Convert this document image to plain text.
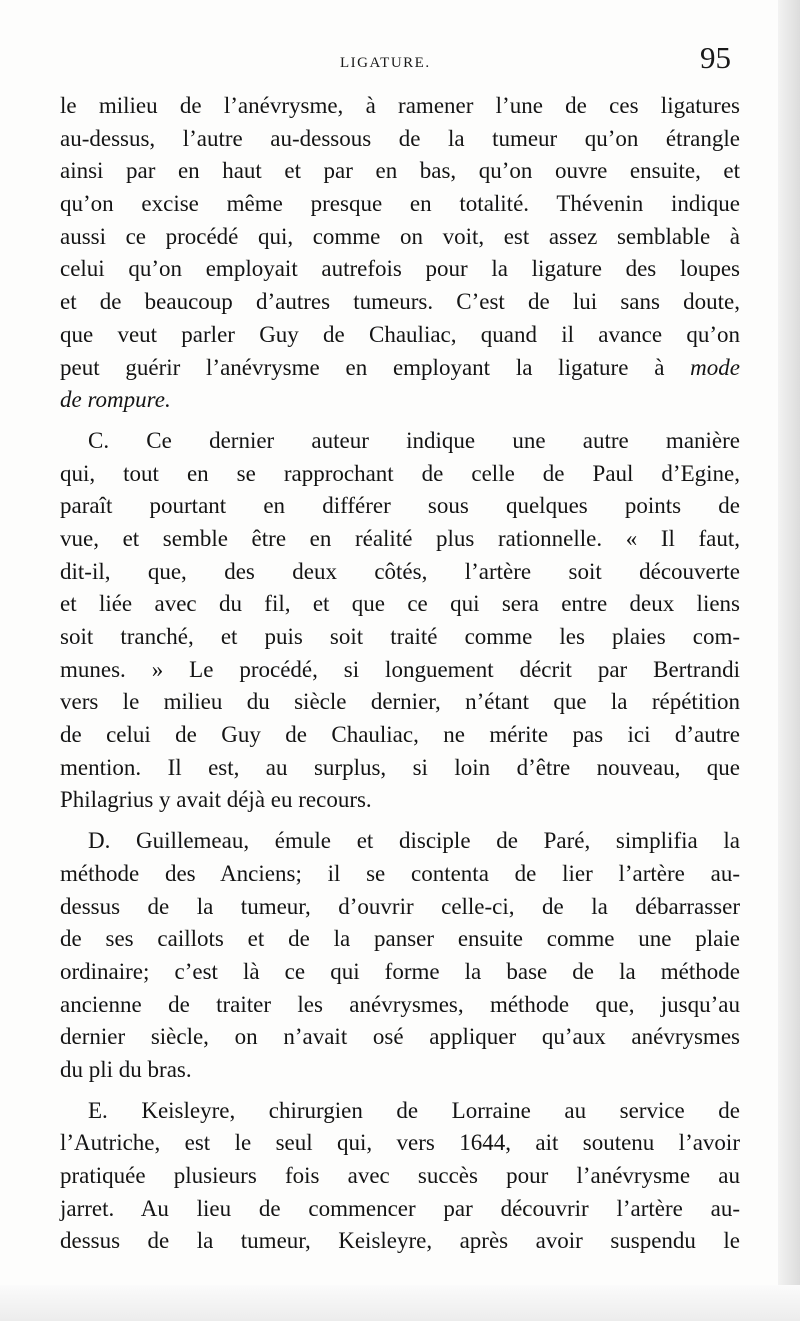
LIGATURE.	95
le milieu de l’anévrysme, à ramener l’une de ces ligatures
au-dessus, l’autre au-dessous de la tumeur qu’on étrangle
ainsi par en haut et par en bas, qu’on ouvre ensuite, et
qu’on excise même presque en totalité. Thévenin indique
aussi ce procédé qui, comme on voit, est assez semblable à
celui qu’on employait autrefois pour la ligature des loupes
et de beaucoup d’autres tumeurs. C’est de lui sans doute,
que veut parler Guy de Chauliac, quand il avance qu’on
peut guérir l’anévrysme en employant la ligature à mode
de rompure.
C. Ce dernier auteur indique une autre manière
qui, tout en se rapprochant de celle de Paul d’Egine,
paraît pourtant en différer sous quelques points de
vue, et semble être en réalité plus rationnelle. « Il faut,
dit-il, que, des deux côtés, l’artère soit découverte
et liée avec du fil, et que ce qui sera entre deux liens
soit tranché, et puis soit traité comme les plaies com-
munes. » Le procédé, si longuement décrit par Bertrandi
vers le milieu du siècle dernier, n’étant que la répétition
de celui de Guy de Chauliac, ne mérite pas ici d’autre
mention. Il est, au surplus, si loin d’être nouveau, que
Philagrius y avait déjà eu recours.
D. Guillemeau, émule et disciple de Paré, simplifia la
méthode des Anciens; il se contenta de lier l’artère au-
dessus de la tumeur, d’ouvrir celle-ci, de la débarrasser
de ses caillots et de la panser ensuite comme une plaie
ordinaire; c’est là ce qui forme la base de la méthode
ancienne de traiter les anévrysmes, méthode que, jusqu’au
dernier siècle, on n’avait osé appliquer qu’aux anévrysmes
du pli du bras.
E. Keisleyre, chirurgien de Lorraine au service de
l’Autriche, est le seul qui, vers 1644, ait soutenu l’avoir
pratiquée plusieurs fois avec succès pour l’anévrysme au
jarret. Au lieu de commencer par découvrir l’artère au-
dessus de la tumeur, Keisleyre, après avoir suspendu le
